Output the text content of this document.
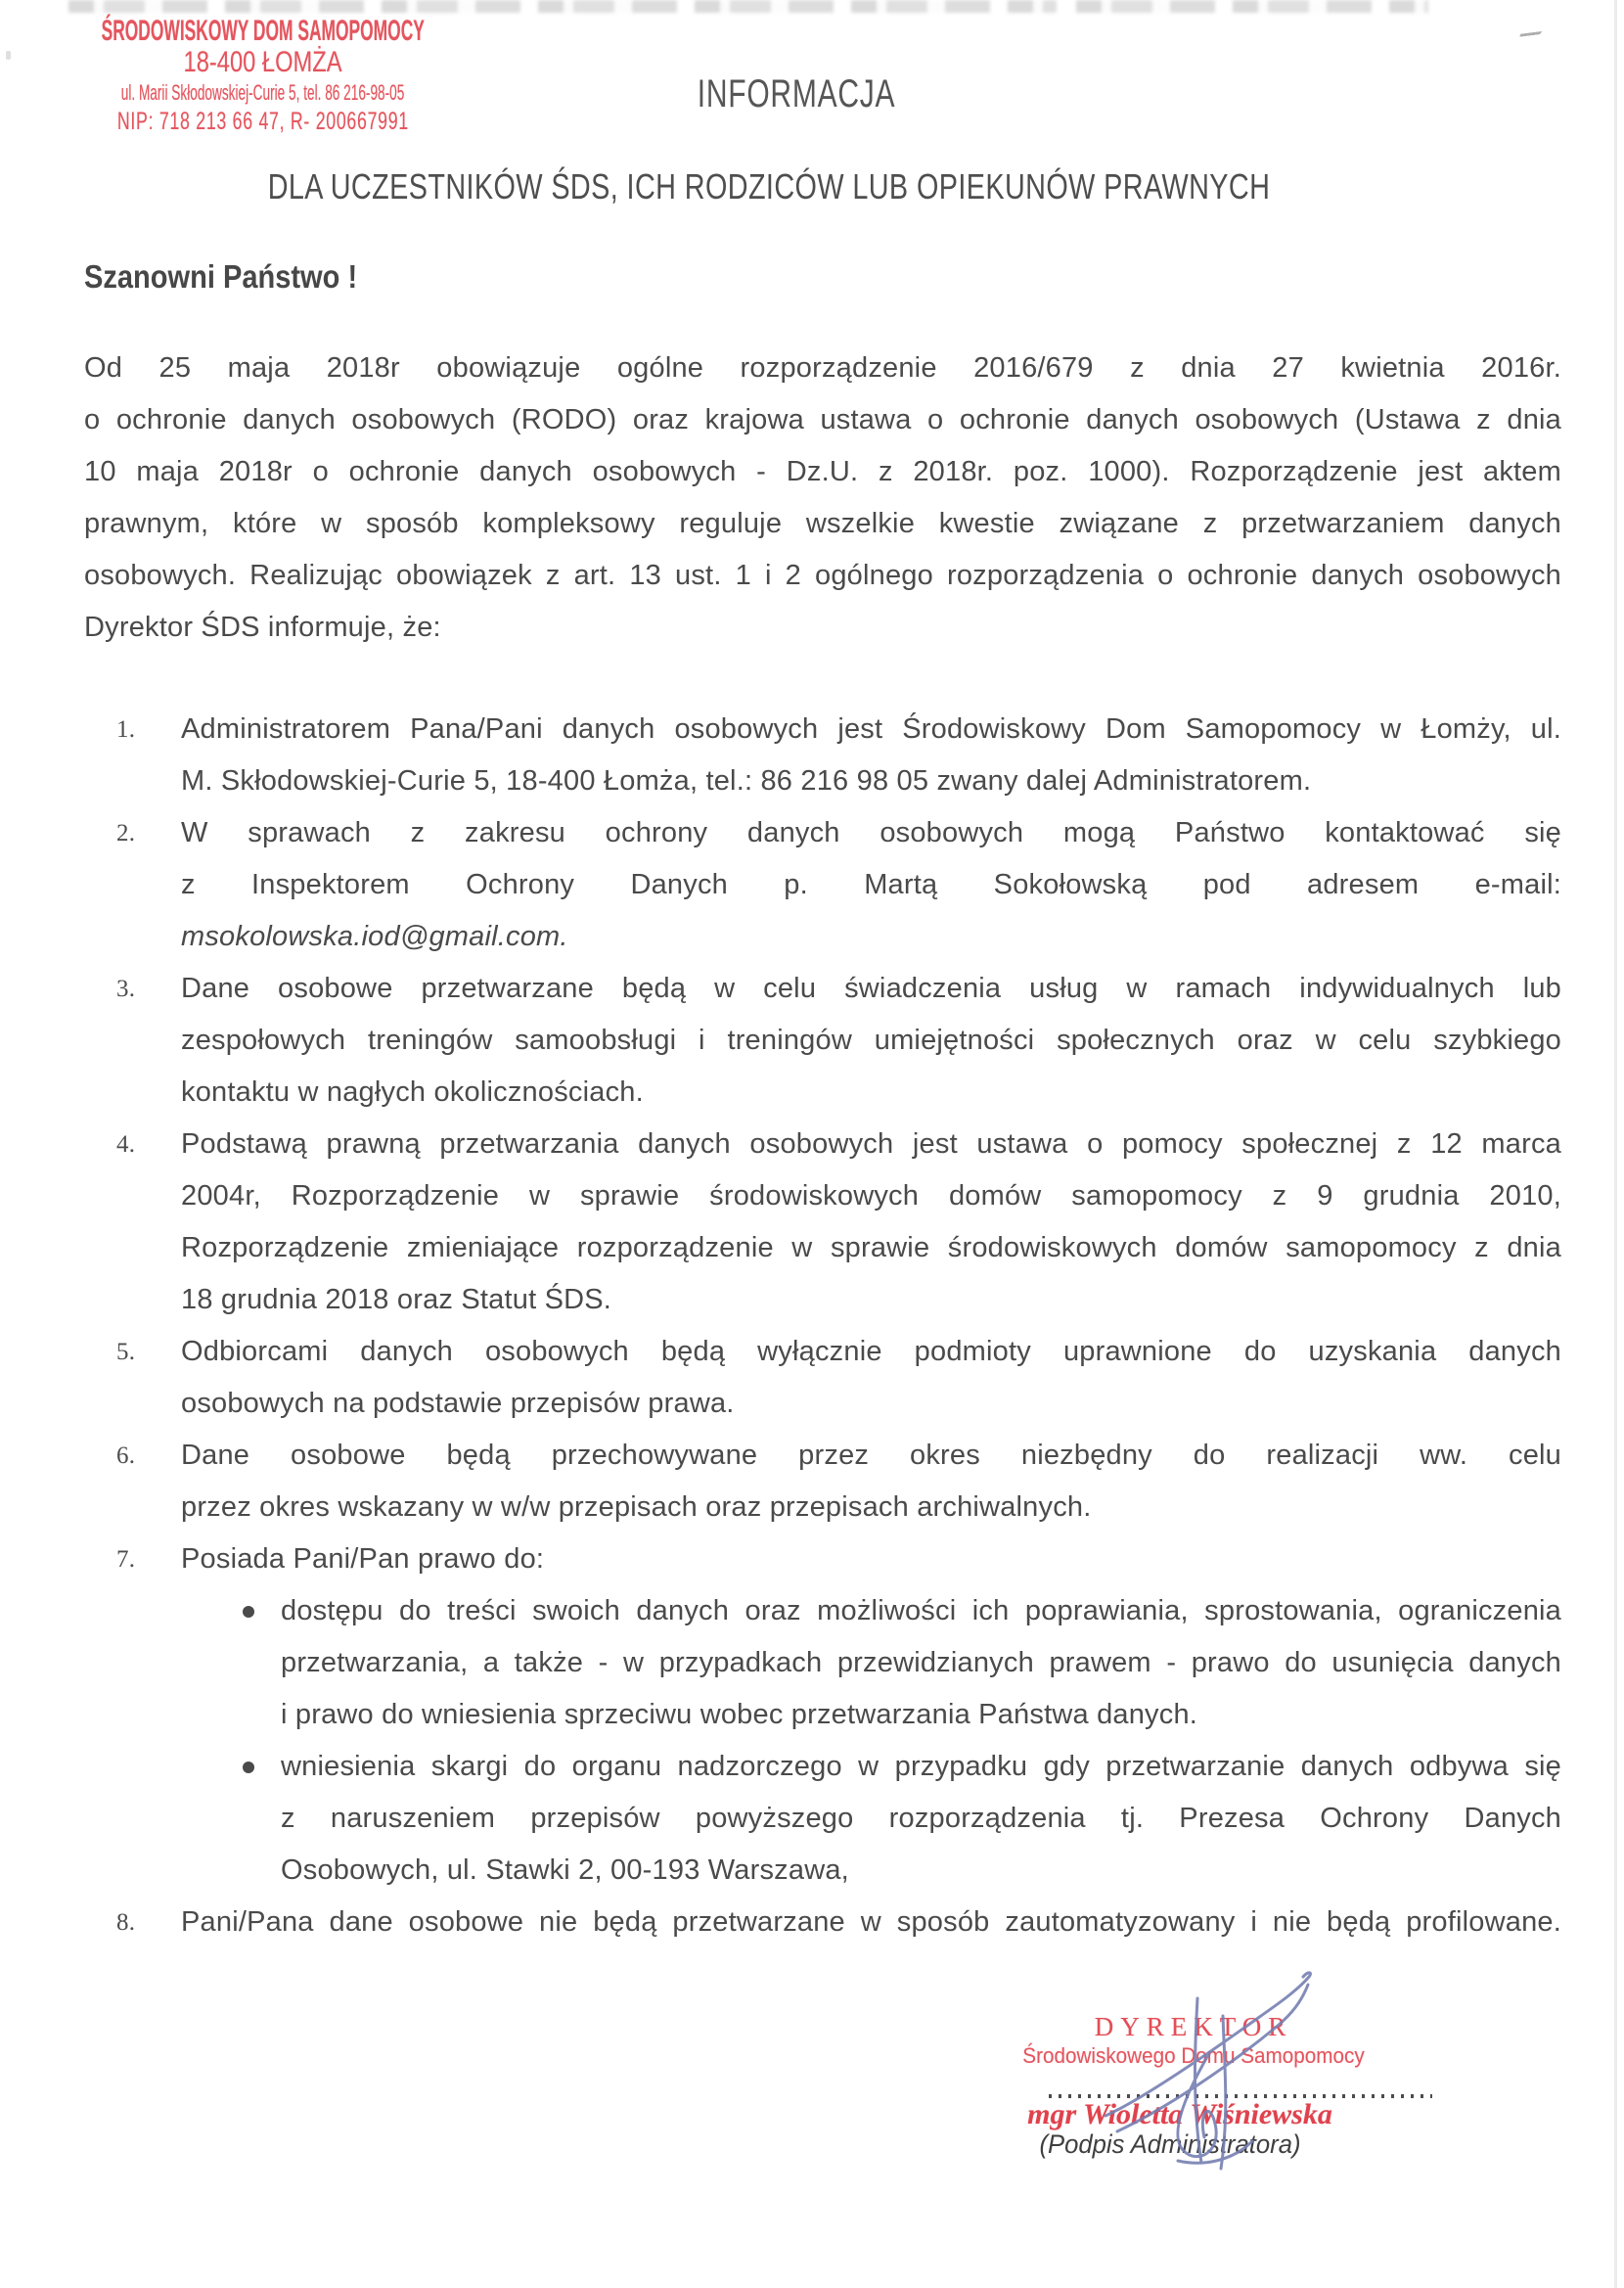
ŚRODOWISKOWY DOM SAMOPOMOCY
18-400 ŁOMŻA
ul. Marii Skłodowskiej-Curie 5, tel. 86 216-98-05
NIP: 718 213 66 47, R- 200667991
INFORMACJA
DLA UCZESTNIKÓW ŚDS, ICH RODZICÓW LUB OPIEKUNÓW PRAWNYCH
Szanowni Państwo !
Od 25 maja 2018r obowiązuje ogólne rozporządzenie 2016/679 z dnia 27 kwietnia 2016r.
o ochronie danych osobowych (RODO) oraz krajowa ustawa o ochronie danych osobowych (Ustawa z dnia
10 maja 2018r o ochronie danych osobowych - Dz.U. z 2018r. poz. 1000). Rozporządzenie jest aktem
prawnym, które w sposób kompleksowy reguluje wszelkie kwestie związane z przetwarzaniem danych
osobowych. Realizując obowiązek z art. 13 ust. 1 i 2 ogólnego rozporządzenia o ochronie danych osobowych
Dyrektor ŚDS informuje, że:
1. Administratorem Pana/Pani danych osobowych jest Środowiskowy Dom Samopomocy w Łomży, ul.
M. Skłodowskiej-Curie 5, 18-400 Łomża, tel.: 86 216 98 05 zwany dalej Administratorem.
2. W sprawach z zakresu ochrony danych osobowych mogą Państwo kontaktować się
z Inspektorem Ochrony Danych p. Martą Sokołowską pod adresem e-mail:
msokolowska.iod@gmail.com.
3. Dane osobowe przetwarzane będą w celu świadczenia usług w ramach indywidualnych lub
zespołowych treningów samoobsługi i treningów umiejętności społecznych oraz w celu szybkiego
kontaktu w nagłych okolicznościach.
4. Podstawą prawną przetwarzania danych osobowych jest ustawa o pomocy społecznej z 12 marca
2004r, Rozporządzenie w sprawie środowiskowych domów samopomocy z 9 grudnia 2010,
Rozporządzenie zmieniające rozporządzenie w sprawie środowiskowych domów samopomocy z dnia
18 grudnia 2018 oraz Statut ŚDS.
5. Odbiorcami danych osobowych będą wyłącznie podmioty uprawnione do uzyskania danych
osobowych na podstawie przepisów prawa.
6. Dane osobowe będą przechowywane przez okres niezbędny do realizacji ww. celu
przez okres wskazany w w/w przepisach oraz przepisach archiwalnych.
7. Posiada Pani/Pan prawo do:
dostępu do treści swoich danych oraz możliwości ich poprawiania, sprostowania, ograniczenia
przetwarzania, a także - w przypadkach przewidzianych prawem - prawo do usunięcia danych
i prawo do wniesienia sprzeciwu wobec przetwarzania Państwa danych.
wniesienia skargi do organu nadzorczego w przypadku gdy przetwarzanie danych odbywa się
z naruszeniem przepisów powyższego rozporządzenia tj. Prezesa Ochrony Danych
Osobowych, ul. Stawki 2, 00-193 Warszawa,
8. Pani/Pana dane osobowe nie będą przetwarzane w sposób zautomatyzowany i nie będą profilowane.
DYREKTOR
Środowiskowego Domu Samopomocy
mgr Wioletta Wiśniewska
(Podpis Administratora)
